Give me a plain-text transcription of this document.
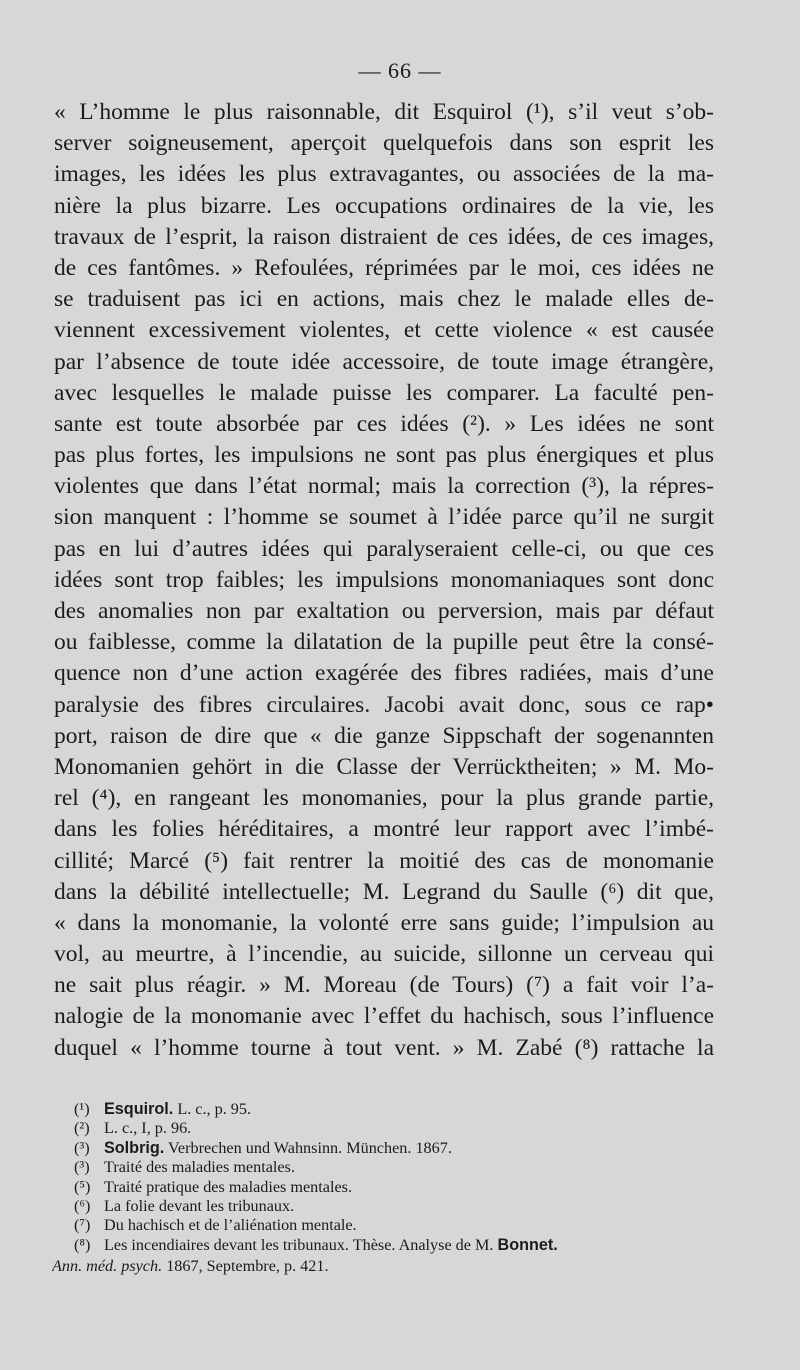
— 66 —
« L’homme le plus raisonnable, dit Esquirol (¹), s’il veut s’ob-
server soigneusement, aperçoit quelquefois dans son esprit les
images, les idées les plus extravagantes, ou associées de la ma-
nière la plus bizarre. Les occupations ordinaires de la vie, les
travaux de l’esprit, la raison distraient de ces idées, de ces images,
de ces fantômes. » Refoulées, réprimées par le moi, ces idées ne
se traduisent pas ici en actions, mais chez le malade elles de-
viennent excessivement violentes, et cette violence « est causée
par l’absence de toute idée accessoire, de toute image étrangère,
avec lesquelles le malade puisse les comparer. La faculté pen-
sante est toute absorbée par ces idées (²). » Les idées ne sont
pas plus fortes, les impulsions ne sont pas plus énergiques et plus
violentes que dans l’état normal; mais la correction (³), la répres-
sion manquent : l’homme se soumet à l’idée parce qu’il ne surgit
pas en lui d’autres idées qui paralyseraient celle-ci, ou que ces
idées sont trop faibles; les impulsions monomaniaques sont donc
des anomalies non par exaltation ou perversion, mais par défaut
ou faiblesse, comme la dilatation de la pupille peut être la consé-
quence non d’une action exagérée des fibres radiées, mais d’une
paralysie des fibres circulaires. Jacobi avait donc, sous ce rap•
port, raison de dire que « die ganze Sippschaft der sogenannten
Monomanien gehört in die Classe der Verrücktheiten; » M. Mo-
rel (⁴), en rangeant les monomanies, pour la plus grande partie,
dans les folies héréditaires, a montré leur rapport avec l’imbé-
cillité; Marcé (⁵) fait rentrer la moitié des cas de monomanie
dans la débilité intellectuelle; M. Legrand du Saulle (⁶) dit que,
« dans la monomanie, la volonté erre sans guide; l’impulsion au
vol, au meurtre, à l’incendie, au suicide, sillonne un cerveau qui
ne sait plus réagir. » M. Moreau (de Tours) (⁷) a fait voir l’a-
nalogie de la monomanie avec l’effet du hachisch, sous l’influence
duquel « l’homme tourne à tout vent. » M. Zabé (⁸) rattache la
(¹) Esquirol. L. c., p. 95.
(²) L. c., I, p. 96.
(³) Solbrig. Verbrechen und Wahnsinn. München. 1867.
(³) Traité des maladies mentales.
(⁵) Traité pratique des maladies mentales.
(⁶) La folie devant les tribunaux.
(⁷) Du hachisch et de l’aliénation mentale.
(⁸) Les incendiaires devant les tribunaux. Thèse. Analyse de M. Bonnet.
Ann. méd. psych. 1867, Septembre, p. 421.
